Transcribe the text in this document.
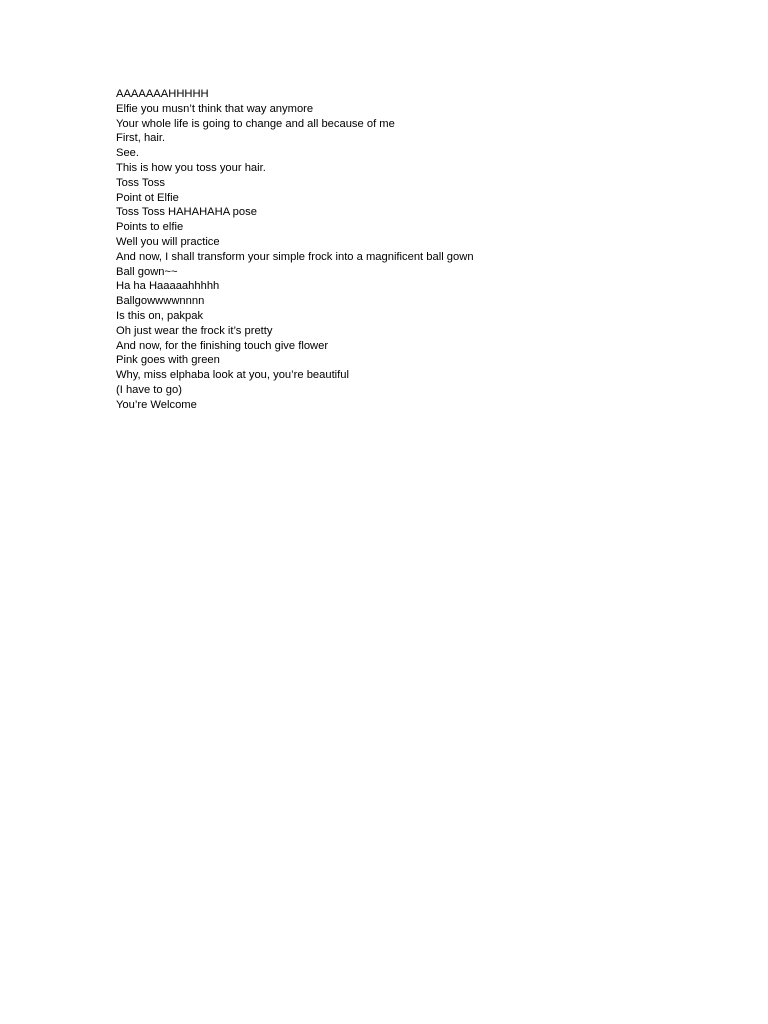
AAAAAAAHHHHH
Elfie you musn’t think that way anymore
Your whole life is going to change and all because of me
First, hair.
See.
This is how you toss your hair.
Toss Toss
Point ot Elfie
Toss Toss HAHAHAHA pose
Points to elfie
Well you will practice
And now, I shall transform your simple frock into a magnificent ball gown
Ball gown~~
Ha ha Haaaaahhhhh
Ballgowwwwnnnn
Is this on, pakpak
Oh just wear the frock it’s pretty
And now, for the finishing touch give flower
Pink goes with green
Why, miss elphaba look at you, you’re beautiful
(I have to go)
You’re Welcome
